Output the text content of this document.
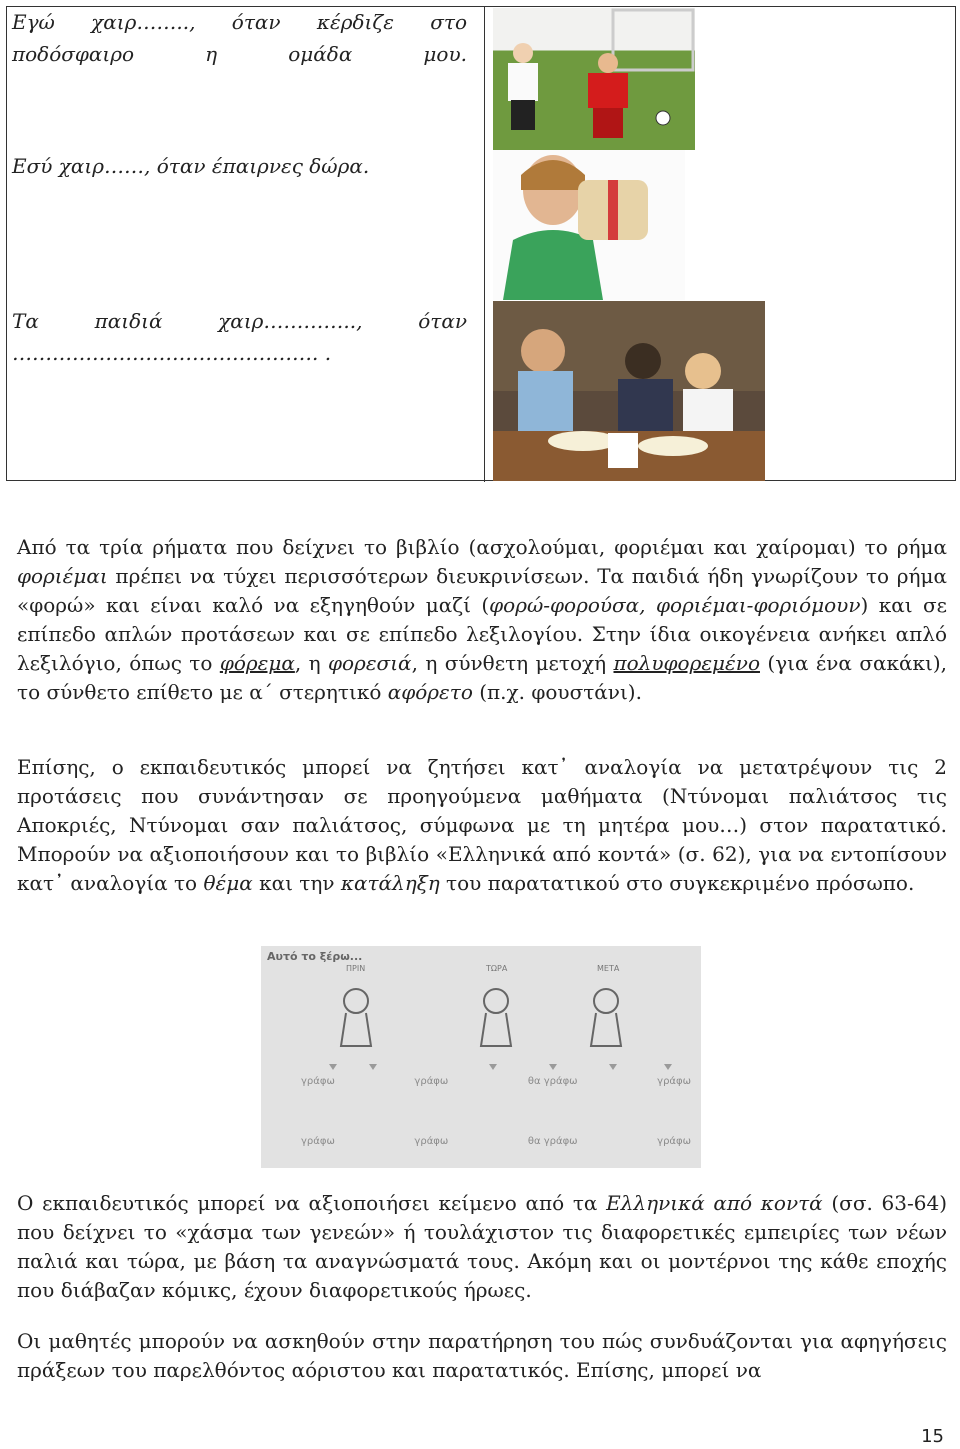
Εγώ χαιρ…….., όταν κέρδιζε στο ποδόσφαιρο η ομάδα μου.
Εσύ χαιρ……, όταν έπαιρνες δώρα.
Τα παιδιά χαιρ………….., όταν
………………………………………. .
Από τα τρία ρήματα που δείχνει το βιβλίο (ασχολούμαι, φοριέμαι και χαίρομαι) το ρήμα φοριέμαι πρέπει να τύχει περισσότερων διευκρινίσεων. Τα παιδιά ήδη γνωρίζουν το ρήμα «φορώ» και είναι καλό να εξηγηθούν μαζί (φορώ-φορούσα, φοριέμαι-φοριόμουν) και σε επίπεδο απλών προτάσεων και σε επίπεδο λεξιλογίου. Στην ίδια οικογένεια ανήκει απλό λεξιλόγιο, όπως το φόρεμα, η φορεσιά, η σύνθετη μετοχή πολυφορεμένο (για ένα σακάκι), το σύνθετο επίθετο με α΄ στερητικό αφόρετο (π.χ. φουστάνι).
Επίσης, ο εκπαιδευτικός μπορεί να ζητήσει κατ᾽ αναλογία να μετατρέψουν τις 2 προτάσεις που συνάντησαν σε προηγούμενα μαθήματα (Ντύνομαι παλιάτσος τις Αποκριές, Ντύνομαι σαν παλιάτσος, σύμφωνα με τη μητέρα μου…) στον παρατατικό. Μπορούν να αξιοποιήσουν και το βιβλίο «Ελληνικά από κοντά» (σ. 62), για να εντοπίσουν κατ᾽ αναλογία το θέμα και την κατάληξη του παρατατικού στο συγκεκριμένο πρόσωπο.
Αυτό το ξέρω...
ΠΡΙΝ	ΤΩΡΑ	ΜΕΤΑ
γράφω	γράφω	θα γράφω	γράφω
γράφω	γράφω	θα γράφω	γράφω
Ο εκπαιδευτικός μπορεί να αξιοποιήσει κείμενο από τα Ελληνικά από κοντά (σσ. 63-64) που δείχνει το «χάσμα των γενεών» ή τουλάχιστον τις διαφορετικές εμπειρίες των νέων παλιά και τώρα, με βάση τα αναγνώσματά τους. Ακόμη και οι μοντέρνοι της κάθε εποχής που διάβαζαν κόμικς, έχουν διαφορετικούς ήρωες.
Οι μαθητές μπορούν να ασκηθούν στην παρατήρηση του πώς συνδυάζονται για αφηγήσεις πράξεων του παρελθόντος αόριστου και παρατατικός. Επίσης, μπορεί να
15
